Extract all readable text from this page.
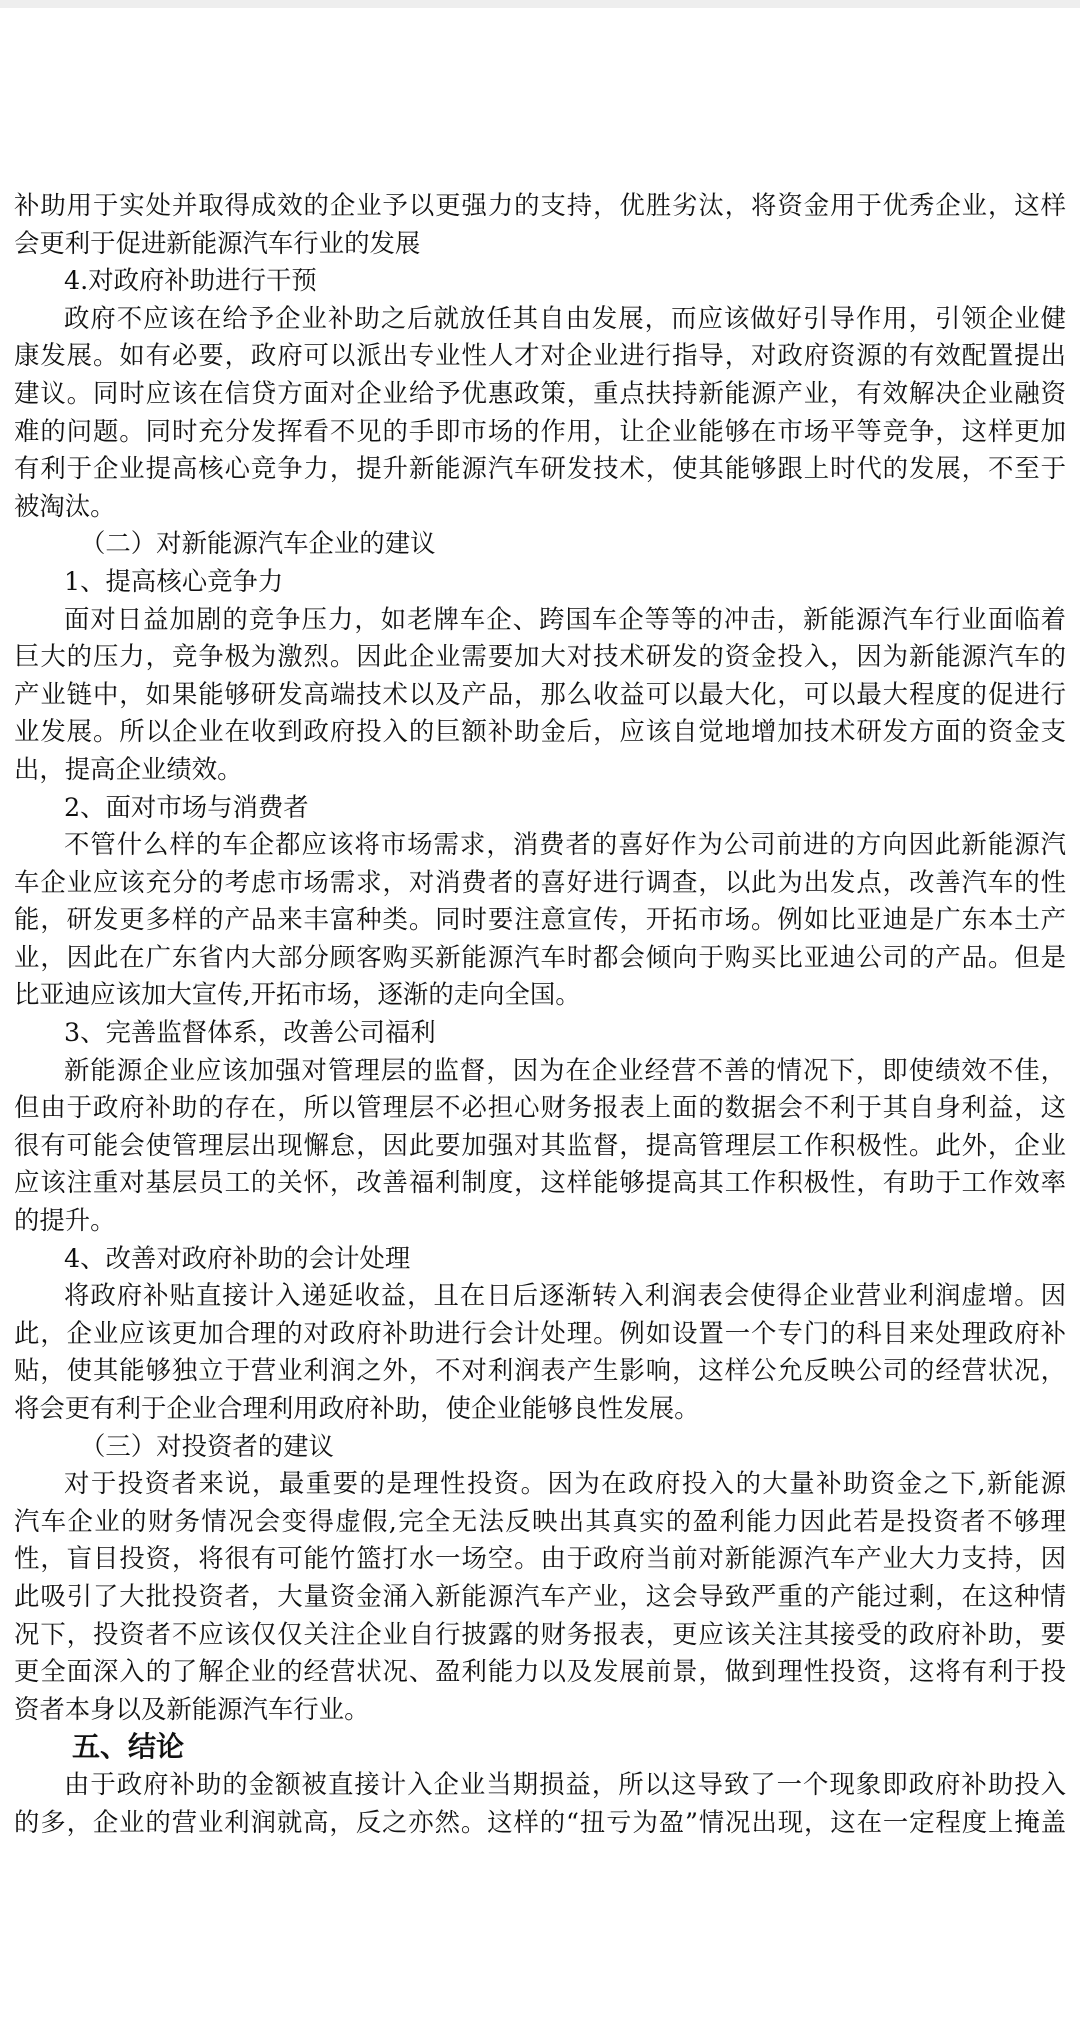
补助用于实处并取得成效的企业予以更强力的支持，优胜劣汰，将资金用于优秀企业，这样
会更利于促进新能源汽车行业的发展
4.对政府补助进行干预
政府不应该在给予企业补助之后就放任其自由发展，而应该做好引导作用，引领企业健
康发展。如有必要，政府可以派出专业性人才对企业进行指导，对政府资源的有效配置提出
建议。同时应该在信贷方面对企业给予优惠政策，重点扶持新能源产业，有效解决企业融资
难的问题。同时充分发挥看不见的手即市场的作用，让企业能够在市场平等竞争，这样更加
有利于企业提高核心竞争力，提升新能源汽车研发技术，使其能够跟上时代的发展，不至于
被淘汰。
（二）对新能源汽车企业的建议
1、提高核心竞争力
面对日益加剧的竞争压力，如老牌车企、跨国车企等等的冲击，新能源汽车行业面临着
巨大的压力，竞争极为激烈。因此企业需要加大对技术研发的资金投入，因为新能源汽车的
产业链中，如果能够研发高端技术以及产品，那么收益可以最大化，可以最大程度的促进行
业发展。所以企业在收到政府投入的巨额补助金后，应该自觉地增加技术研发方面的资金支
出，提高企业绩效。
2、面对市场与消费者
不管什么样的车企都应该将市场需求，消费者的喜好作为公司前进的方向因此新能源汽
车企业应该充分的考虑市场需求，对消费者的喜好进行调查，以此为出发点，改善汽车的性
能，研发更多样的产品来丰富种类。同时要注意宣传，开拓市场。例如比亚迪是广东本土产
业，因此在广东省内大部分顾客购买新能源汽车时都会倾向于购买比亚迪公司的产品。但是
比亚迪应该加大宣传,开拓市场，逐渐的走向全国。
3、完善监督体系，改善公司福利
新能源企业应该加强对管理层的监督，因为在企业经营不善的情况下，即使绩效不佳，
但由于政府补助的存在，所以管理层不必担心财务报表上面的数据会不利于其自身利益，这
很有可能会使管理层出现懈怠，因此要加强对其监督，提高管理层工作积极性。此外，企业
应该注重对基层员工的关怀，改善福利制度，这样能够提高其工作积极性，有助于工作效率
的提升。
4、改善对政府补助的会计处理
将政府补贴直接计入递延收益，且在日后逐渐转入利润表会使得企业营业利润虚增。因
此，企业应该更加合理的对政府补助进行会计处理。例如设置一个专门的科目来处理政府补
贴，使其能够独立于营业利润之外，不对利润表产生影响，这样公允反映公司的经营状况，
将会更有利于企业合理利用政府补助，使企业能够良性发展。
（三）对投资者的建议
对于投资者来说，最重要的是理性投资。因为在政府投入的大量补助资金之下,新能源
汽车企业的财务情况会变得虚假,完全无法反映出其真实的盈利能力因此若是投资者不够理
性，盲目投资，将很有可能竹篮打水一场空。由于政府当前对新能源汽车产业大力支持，因
此吸引了大批投资者，大量资金涌入新能源汽车产业，这会导致严重的产能过剩，在这种情
况下，投资者不应该仅仅关注企业自行披露的财务报表，更应该关注其接受的政府补助，要
更全面深入的了解企业的经营状况、盈利能力以及发展前景，做到理性投资，这将有利于投
资者本身以及新能源汽车行业。
五、结论
由于政府补助的金额被直接计入企业当期损益，所以这导致了一个现象即政府补助投入
的多，企业的营业利润就高，反之亦然。这样的“扭亏为盈”情况出现，这在一定程度上掩盖
